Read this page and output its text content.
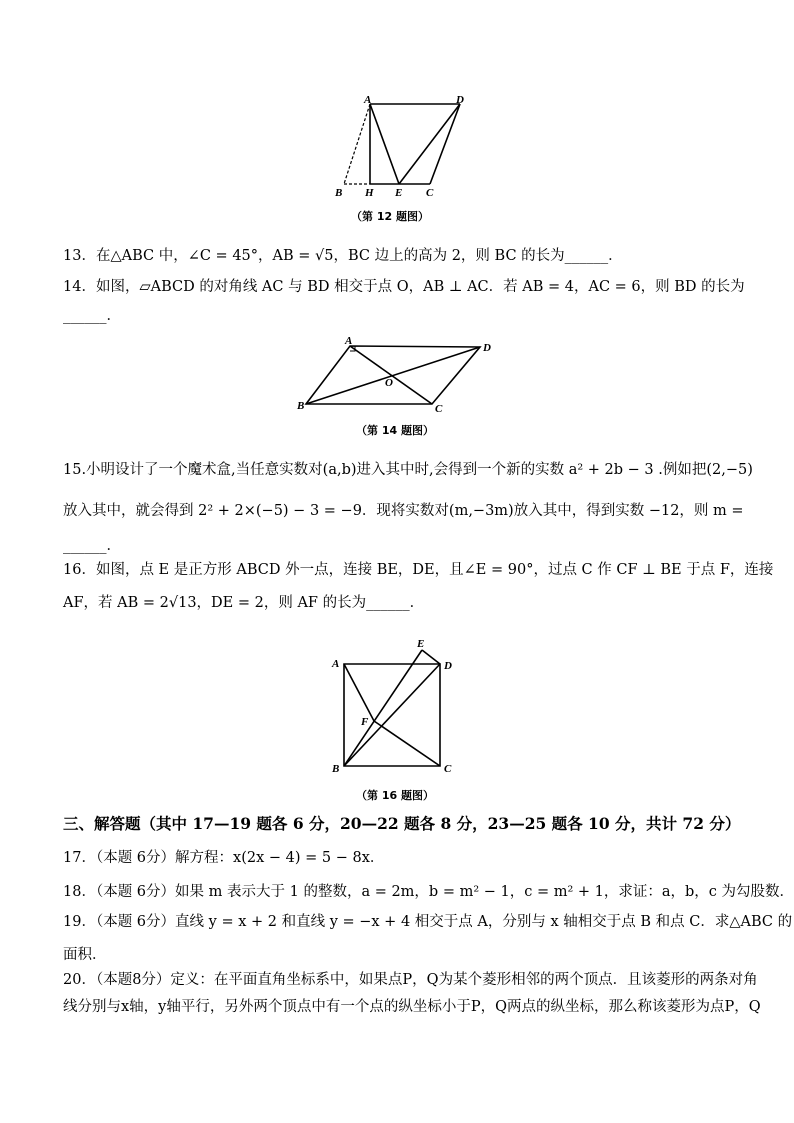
A	D
B H E C
（第 12 题图）
13．在△ABC 中，∠C = 45°，AB = √5，BC 边上的高为 2，则 BC 的长为______．
14．如图，▱ABCD 的对角线 AC 与 BD 相交于点 O，AB ⊥ AC．若 AB = 4，AC = 6，则 BD 的长为
______．
A
D
B
O
C
（第 14 题图）
15.小明设计了一个魔术盒,当任意实数对(a,b)进入其中时,会得到一个新的实数 a² + 2b − 3 .例如把(2,−5)
放入其中，就会得到 2² + 2×(−5) − 3 = −9．现将实数对(m,−3m)放入其中，得到实数 −12，则 m =
______．
16．如图，点 E 是正方形 ABCD 外一点，连接 BE，DE，且∠E = 90°，过点 C 作 CF ⊥ BE 于点 F，连接
AF，若 AB = 2√13，DE = 2，则 AF 的长为______．
A
E
D
F
B	C
（第 16 题图）
三、解答题（其中 17—19 题各 6 分，20—22 题各 8 分，23—25 题各 10 分，共计 72 分）
17．（本题 6分）解方程：x(2x − 4) = 5 − 8x．
18．（本题 6分）如果 m 表示大于 1 的整数，a = 2m，b = m² − 1，c = m² + 1，求证：a，b，c 为勾股数．
19．（本题 6分）直线 y = x + 2 和直线 y = −x + 4 相交于点 A，分别与 x 轴相交于点 B 和点 C．求△ABC 的
面积．
20．（本题8分）定义：在平面直角坐标系中，如果点P，Q为某个菱形相邻的两个顶点．且该菱形的两条对角
线分别与x轴，y轴平行，另外两个顶点中有一个点的纵坐标小于P，Q两点的纵坐标，那么称该菱形为点P，Q
